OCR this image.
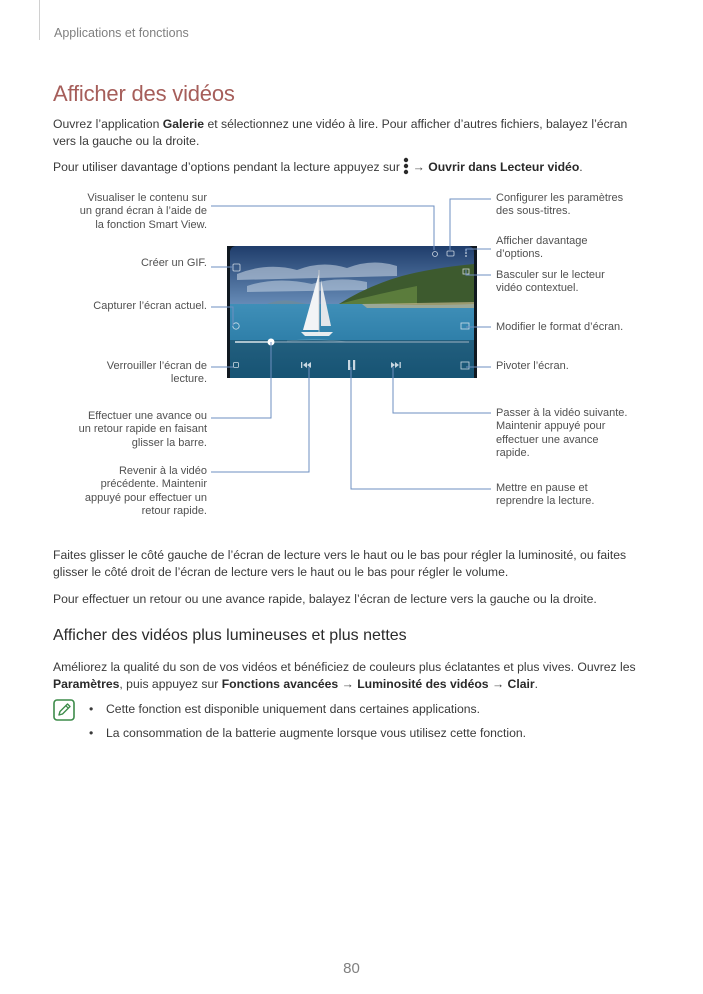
Applications et fonctions
Afficher des vidéos
Ouvrez l’application Galerie et sélectionnez une vidéo à lire. Pour afficher d’autres fichiers, balayez l’écran
vers la gauche ou la droite.
Pour utiliser davantage d’options pendant la lecture appuyez sur  → Ouvrir dans Lecteur vidéo.
Visualiser le contenu sur
un grand écran à l’aide de
la fonction Smart View.
Créer un GIF.
Capturer l’écran actuel.
Verrouiller l’écran de
lecture.
Effectuer une avance ou
un retour rapide en faisant
glisser la barre.
Revenir à la vidéo
précédente. Maintenir
appuyé pour effectuer un
retour rapide.
Configurer les paramètres
des sous-titres.
Afficher davantage
d’options.
Basculer sur le lecteur
vidéo contextuel.
Modifier le format d’écran.
Pivoter l’écran.
Passer à la vidéo suivante.
Maintenir appuyé pour
effectuer une avance
rapide.
Mettre en pause et
reprendre la lecture.
Faites glisser le côté gauche de l’écran de lecture vers le haut ou le bas pour régler la luminosité, ou faites
glisser le côté droit de l’écran de lecture vers le haut ou le bas pour régler le volume.
Pour effectuer un retour ou une avance rapide, balayez l’écran de lecture vers la gauche ou la droite.
Afficher des vidéos plus lumineuses et plus nettes
Améliorez la qualité du son de vos vidéos et bénéficiez de couleurs plus éclatantes et plus vives. Ouvrez les
Paramètres, puis appuyez sur Fonctions avancées → Luminosité des vidéos → Clair.
• Cette fonction est disponible uniquement dans certaines applications.
• La consommation de la batterie augmente lorsque vous utilisez cette fonction.
80
